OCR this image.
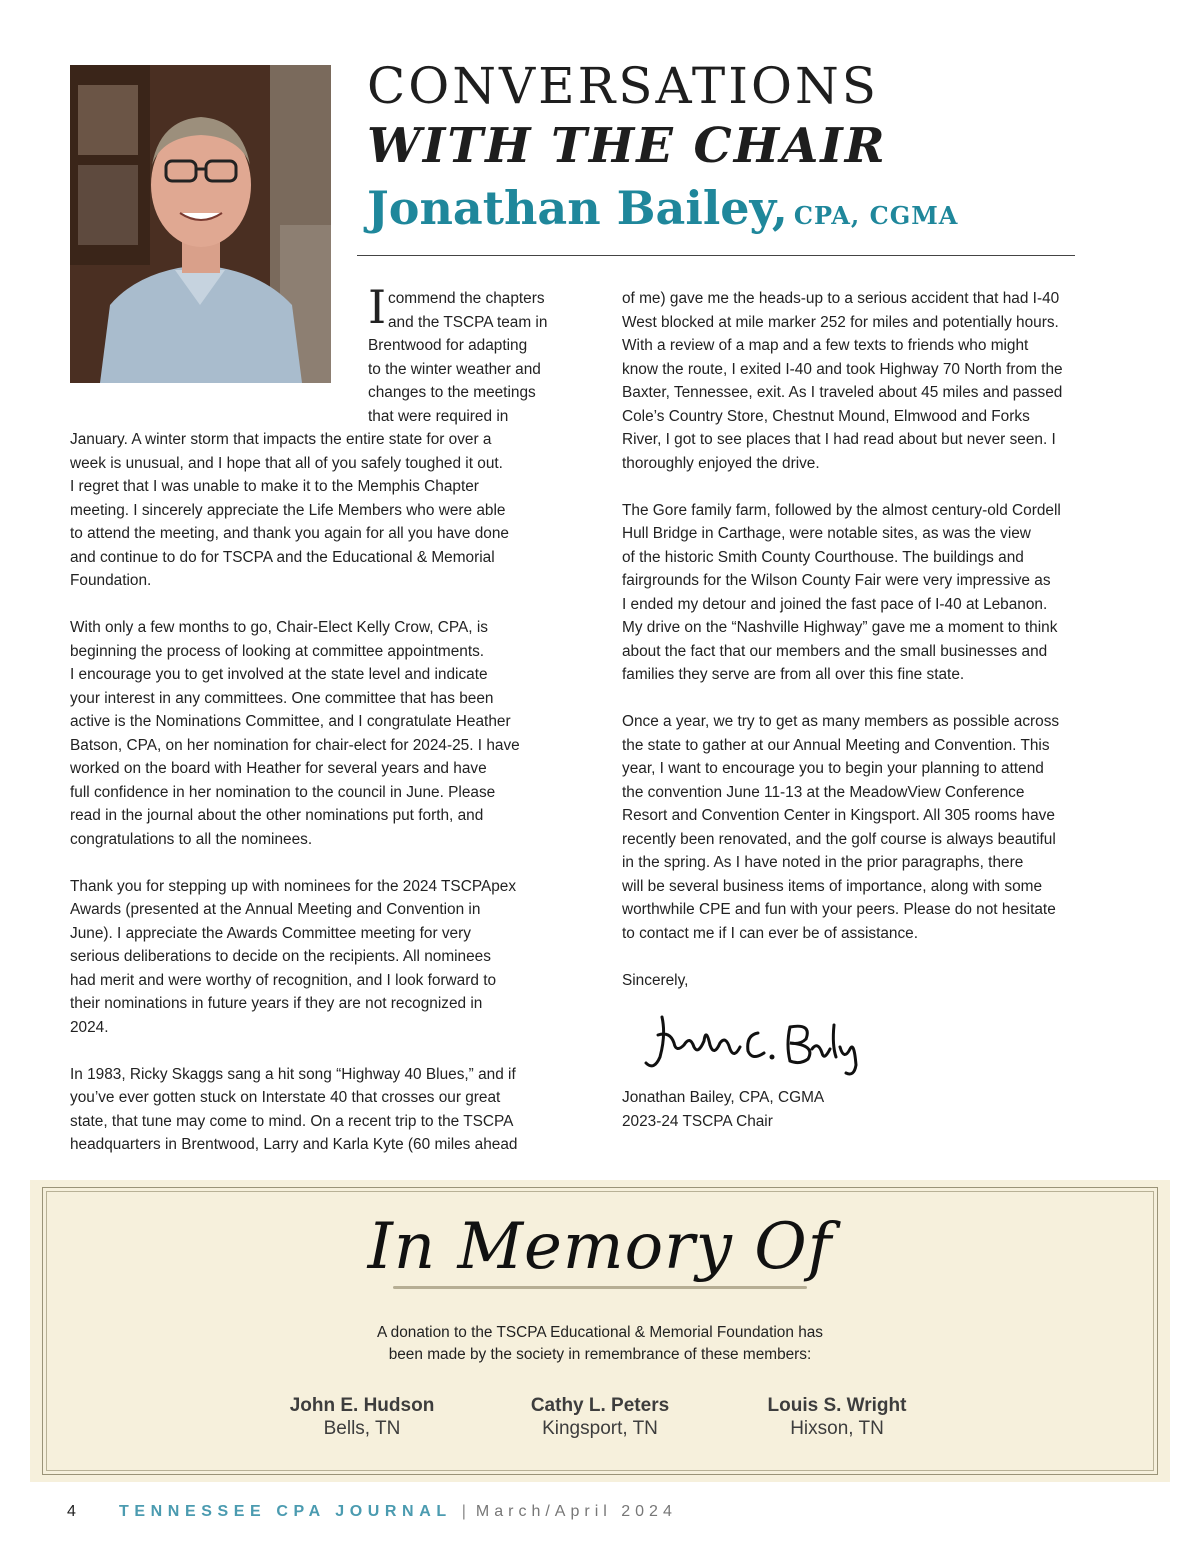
CONVERSATIONS
WITH THE CHAIR
Jonathan Bailey, CPA, CGMA
I commend the chapters

and the TSCPA team in

Brentwood for adapting

to the winter weather and

changes to the meetings

that were required in

January. A winter storm that impacts the entire state for over a

week is unusual, and I hope that all of you safely toughed it out.

I regret that I was unable to make it to the Memphis Chapter

meeting. I sincerely appreciate the Life Members who were able

to attend the meeting, and thank you again for all you have done

and continue to do for TSCPA and the Educational & Memorial

Foundation.

With only a few months to go, Chair-Elect Kelly Crow, CPA, is

beginning the process of looking at committee appointments.

I encourage you to get involved at the state level and indicate

your interest in any committees. One committee that has been

active is the Nominations Committee, and I congratulate Heather

Batson, CPA, on her nomination for chair-elect for 2024-25. I have

worked on the board with Heather for several years and have

full confidence in her nomination to the council in June. Please

read in the journal about the other nominations put forth, and

congratulations to all the nominees.

Thank you for stepping up with nominees for the 2024 TSCPApex

Awards (presented at the Annual Meeting and Convention in

June). I appreciate the Awards Committee meeting for very

serious deliberations to decide on the recipients. All nominees

had merit and were worthy of recognition, and I look forward to

their nominations in future years if they are not recognized in

2024.

In 1983, Ricky Skaggs sang a hit song “Highway 40 Blues,” and if

you’ve ever gotten stuck on Interstate 40 that crosses our great

state, that tune may come to mind. On a recent trip to the TSCPA

headquarters in Brentwood, Larry and Karla Kyte (60 miles ahead

of me) gave me the heads-up to a serious accident that had I-40

West blocked at mile marker 252 for miles and potentially hours.

With a review of a map and a few texts to friends who might

know the route, I exited I-40 and took Highway 70 North from the

Baxter, Tennessee, exit. As I traveled about 45 miles and passed

Cole’s Country Store, Chestnut Mound, Elmwood and Forks

River, I got to see places that I had read about but never seen. I

thoroughly enjoyed the drive.

The Gore family farm, followed by the almost century-old Cordell

Hull Bridge in Carthage, were notable sites, as was the view

of the historic Smith County Courthouse. The buildings and

fairgrounds for the Wilson County Fair were very impressive as

I ended my detour and joined the fast pace of I-40 at Lebanon.

My drive on the “Nashville Highway” gave me a moment to think

about the fact that our members and the small businesses and

families they serve are from all over this fine state.

Once a year, we try to get as many members as possible across

the state to gather at our Annual Meeting and Convention. This

year, I want to encourage you to begin your planning to attend

the convention June 11-13 at the MeadowView Conference

Resort and Convention Center in Kingsport. All 305 rooms have

recently been renovated, and the golf course is always beautiful

in the spring. As I have noted in the prior paragraphs, there

will be several business items of importance, along with some

worthwhile CPE and fun with your peers. Please do not hesitate

to contact me if I can ever be of assistance.

Sincerely,

Jonathan Bailey, CPA, CGMA

2023-24 TSCPA Chair

In Memory Of
A donation to the TSCPA Educational & Memorial Foundation has
been made by the society in remembrance of these members:
John E. Hudson
Bells, TN
Cathy L. Peters
Kingsport, TN
Louis S. Wright
Hixson, TN
4	TENNESSEE CPA JOURNAL | March/April 2024
